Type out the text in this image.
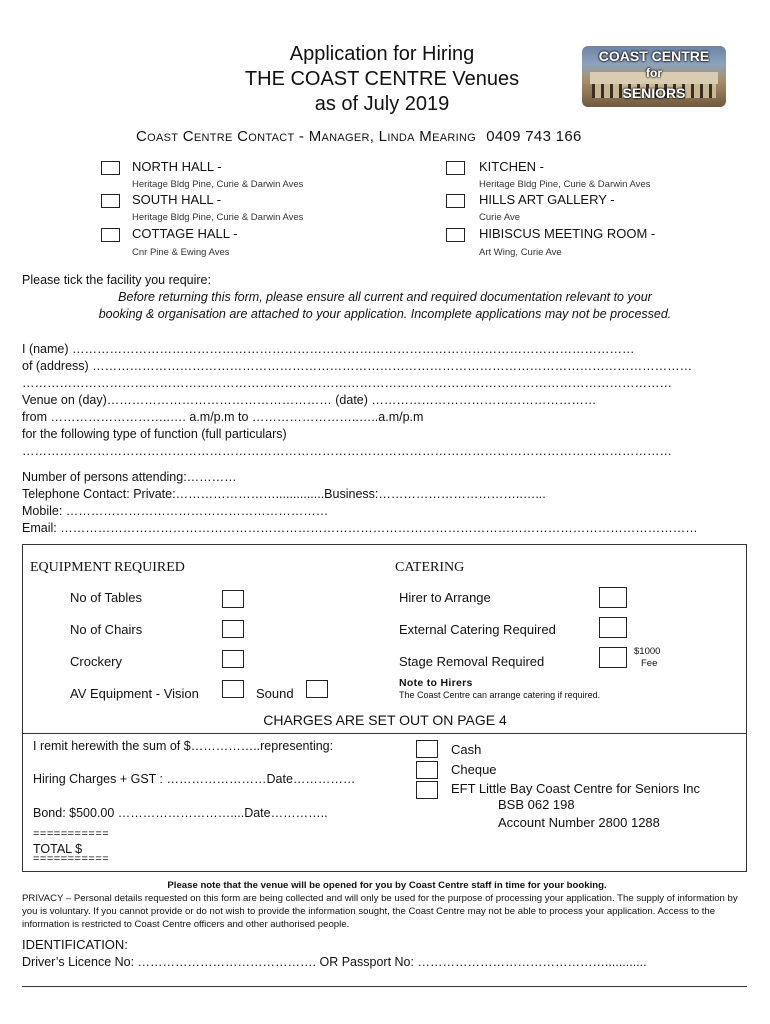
Application for Hiring
THE COAST CENTRE Venues
as of July 2019
COAST CENTRE
for
SENIORS
Coast Centre Contact - Manager, Linda Mearing 0409 743 166
NORTH HALL -
Heritage Bldg Pine, Curie & Darwin Aves
SOUTH HALL -
Heritage Bldg Pine, Curie & Darwin Aves
COTTAGE HALL -
Cnr Pine & Ewing Aves
KITCHEN -
Heritage Bldg Pine, Curie & Darwin Aves
HILLS ART GALLERY -
Curie Ave
HIBISCUS MEETING ROOM -
Art Wing, Curie Ave
Please tick the facility you require:
Before returning this form, please ensure all current and required documentation relevant to your
booking & organisation are attached to your application. Incomplete applications may not be processed.
I (name) ………………………………………………………………………………………………………………………
of (address) ………………………………………………………………………………………………………………………………
…………………………………………………………………………………………………………………………………………
Venue on (day)……………………………………………… (date) ………………………………………………
from ………………………..…. a.m/p.m to ……………………..…..a.m/p.m
for the following type of function (full particulars)
…………………………………………………………………………………………………………………………………………
Number of persons attending:…………
Telephone Contact: Private:……………………..............Business:……………………………..…...
Mobile: ………………………………………………………
Email: ………………………………………………………………………………………………………………………………………
EQUIPMENT REQUIRED	CATERING
No of Tables
No of Chairs
Crockery
AV Equipment - Vision	Sound
Hirer to Arrange
External Catering Required
Stage Removal Required
$1000
Fee
Note to Hirers
The Coast Centre can arrange catering if required.
CHARGES ARE SET OUT ON PAGE 4
I remit herewith the sum of $……………..representing:
Hiring Charges + GST : ……………………Date……………
Bond: $500.00 ………………………....Date…………..
===========
TOTAL $
===========
Cash
Cheque
EFT Little Bay Coast Centre for Seniors Inc
BSB 062 198
Account Number 2800 1288
Please note that the venue will be opened for you by Coast Centre staff in time for your booking.
PRIVACY – Personal details requested on this form are being collected and will only be used for the purpose of processing your application. The supply of information by you is voluntary. If you cannot provide or do not wish to provide the information sought, the Coast Centre may not be able to process your application. Access to the information is restricted to Coast Centre officers and other authorised people.
IDENTIFICATION:
Driver’s Licence No: ……………………………………. OR Passport No: ………………………………………............
